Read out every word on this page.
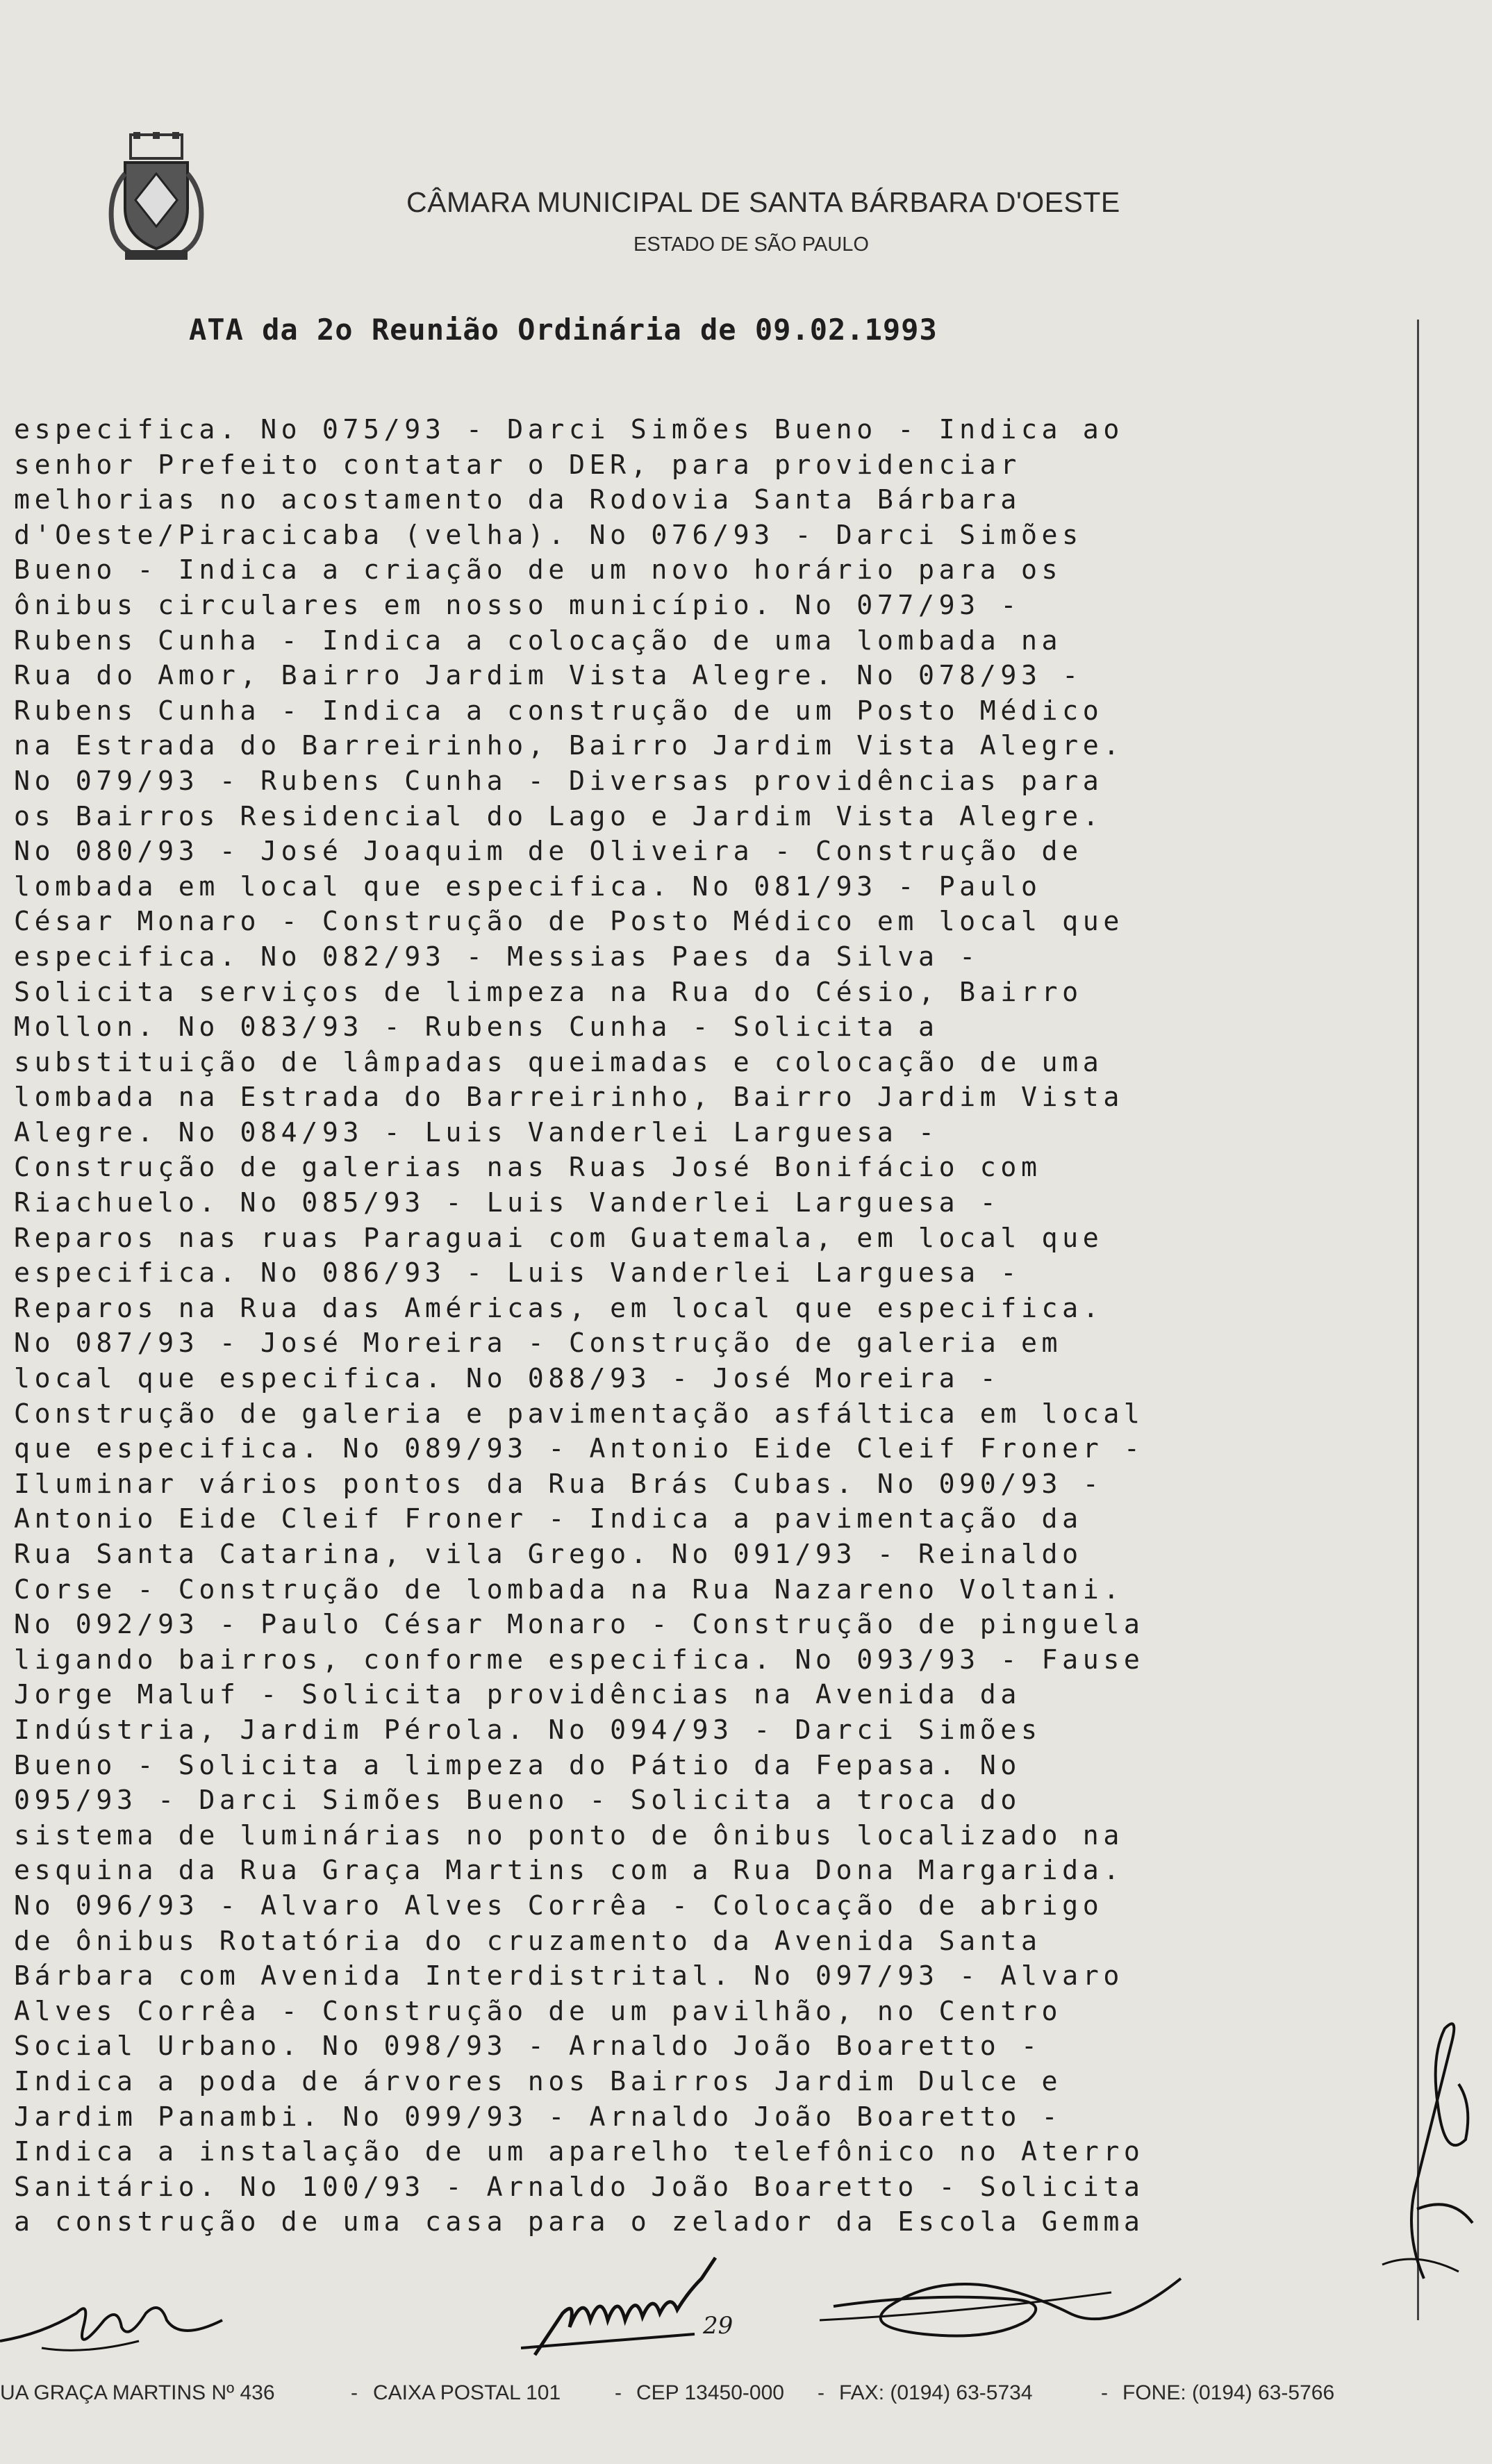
CÂMARA MUNICIPAL DE SANTA BÁRBARA D'OESTE
ESTADO DE SÃO PAULO
ATA da 2o Reunião Ordinária de 09.02.1993
especifica. No 075/93 - Darci Simões Bueno - Indica ao
senhor Prefeito contatar o DER, para providenciar
melhorias no acostamento da Rodovia Santa Bárbara
d'Oeste/Piracicaba (velha). No 076/93 - Darci Simões
Bueno - Indica a criação de um novo horário para os
ônibus circulares em nosso município. No 077/93 -
Rubens Cunha - Indica a colocação de uma lombada na
Rua do Amor, Bairro Jardim Vista Alegre. No 078/93 -
Rubens Cunha - Indica a construção de um Posto Médico
na Estrada do Barreirinho, Bairro Jardim Vista Alegre.
No 079/93 - Rubens Cunha - Diversas providências para
os Bairros Residencial do Lago e Jardim Vista Alegre.
No 080/93 - José Joaquim de Oliveira - Construção de
lombada em local que especifica. No 081/93 - Paulo
César Monaro - Construção de Posto Médico em local que
especifica. No 082/93 - Messias Paes da Silva -
Solicita serviços de limpeza na Rua do Césio, Bairro
Mollon. No 083/93 - Rubens Cunha - Solicita a
substituição de lâmpadas queimadas e colocação de uma
lombada na Estrada do Barreirinho, Bairro Jardim Vista
Alegre. No 084/93 - Luis Vanderlei Larguesa -
Construção de galerias nas Ruas José Bonifácio com
Riachuelo. No 085/93 - Luis Vanderlei Larguesa -
Reparos nas ruas Paraguai com Guatemala, em local que
especifica. No 086/93 - Luis Vanderlei Larguesa -
Reparos na Rua das Américas, em local que especifica.
No 087/93 - José Moreira - Construção de galeria em
local que especifica. No 088/93 - José Moreira -
Construção de galeria e pavimentação asfáltica em local
que especifica. No 089/93 - Antonio Eide Cleif Froner -
Iluminar vários pontos da Rua Brás Cubas. No 090/93 -
Antonio Eide Cleif Froner - Indica a pavimentação da
Rua Santa Catarina, vila Grego. No 091/93 - Reinaldo
Corse - Construção de lombada na Rua Nazareno Voltani.
No 092/93 - Paulo César Monaro - Construção de pinguela
ligando bairros, conforme especifica. No 093/93 - Fause
Jorge Maluf - Solicita providências na Avenida da
Indústria, Jardim Pérola. No 094/93 - Darci Simões
Bueno - Solicita a limpeza do Pátio da Fepasa. No
095/93 - Darci Simões Bueno - Solicita a troca do
sistema de luminárias no ponto de ônibus localizado na
esquina da Rua Graça Martins com a Rua Dona Margarida.
No 096/93 - Alvaro Alves Corrêa - Colocação de abrigo
de ônibus Rotatória do cruzamento da Avenida Santa
Bárbara com Avenida Interdistrital. No 097/93 - Alvaro
Alves Corrêa - Construção de um pavilhão, no Centro
Social Urbano. No 098/93 - Arnaldo João Boaretto -
Indica a poda de árvores nos Bairros Jardim Dulce e
Jardim Panambi. No 099/93 - Arnaldo João Boaretto -
Indica a instalação de um aparelho telefônico no Aterro
Sanitário. No 100/93 - Arnaldo João Boaretto - Solicita
a construção de uma casa para o zelador da Escola Gemma
29
UA GRAÇA MARTINS Nº 436	- CAIXA POSTAL 101	- CEP 13450-000 - FAX: (0194) 63-5734	- FONE: (0194) 63-5766
